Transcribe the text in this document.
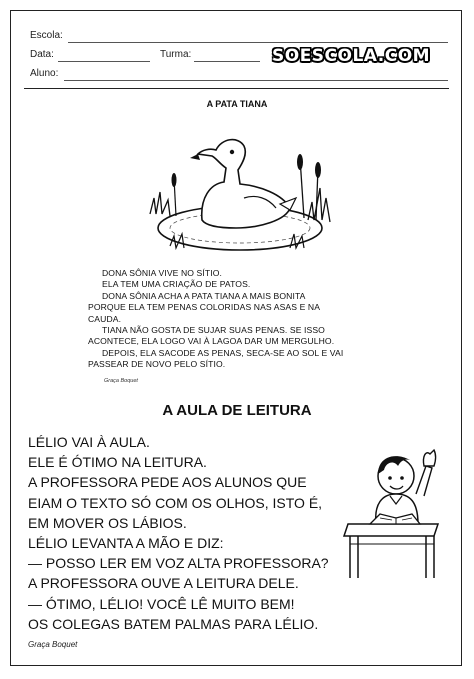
Escola:
Data:	Turma:
Aluno:
SOESCOLA.COM
A PATA TIANA
DONA SÔNIA VIVE NO SÍTIO.
ELA TEM UMA CRIAÇÃO DE PATOS.
DONA SÔNIA ACHA A PATA TIANA A MAIS BONITA
PORQUE ELA TEM PENAS COLORIDAS NAS ASAS E NA
CAUDA.
TIANA NÃO GOSTA DE SUJAR SUAS PENAS. SE ISSO
ACONTECE, ELA LOGO VAI À LAGOA DAR UM MERGULHO.
DEPOIS, ELA SACODE AS PENAS, SECA-SE AO SOL E VAI
PASSEAR DE NOVO PELO SÍTIO.
Graça Boquet
A AULA DE LEITURA
LÉLIO VAI À AULA.
ELE É ÓTIMO NA LEITURA.
A PROFESSORA PEDE AOS ALUNOS QUE
EIAM O TEXTO SÓ COM OS OLHOS, ISTO É,
EM MOVER OS LÁBIOS.
LÉLIO LEVANTA A MÃO E DIZ:
— POSSO LER EM VOZ ALTA PROFESSORA?
A PROFESSORA OUVE A LEITURA DELE.
— ÓTIMO, LÉLIO! VOCÊ LÊ MUITO BEM!
OS COLEGAS BATEM PALMAS PARA LÉLIO.
Graça Boquet
